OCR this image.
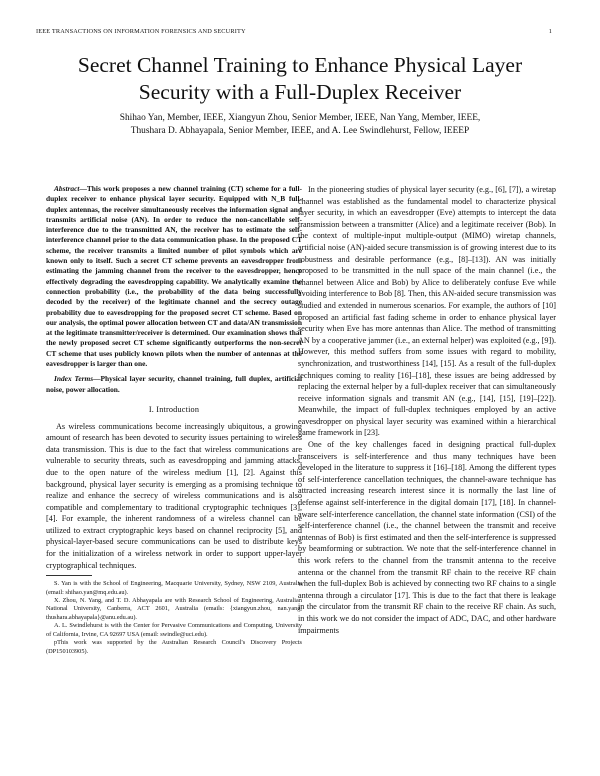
IEEE TRANSACTIONS ON INFORMATION FORENSICS AND SECURITY	1
Secret Channel Training to Enhance Physical Layer Security with a Full-Duplex Receiver
Shihao Yan, Member, IEEE, Xiangyun Zhou, Senior Member, IEEE, Nan Yang, Member, IEEE,
Thushara D. Abhayapala, Senior Member, IEEE, and A. Lee Swindlehurst, Fellow, IEEEP

Abstract—This work proposes a new channel training (CT) scheme for a full-duplex receiver to enhance physical layer security. Equipped with N_B full-duplex antennas, the receiver simultaneously receives the information signal and transmits artificial noise (AN). In order to reduce the non-cancellable self-interference due to the transmitted AN, the receiver has to estimate the self-interference channel prior to the data communication phase. In the proposed CT scheme, the receiver transmits a limited number of pilot symbols which are known only to itself. Such a secret CT scheme prevents an eavesdropper from estimating the jamming channel from the receiver to the eavesdropper, hence effectively degrading the eavesdropping capability. We analytically examine the connection probability (i.e., the probability of the data being successfully decoded by the receiver) of the legitimate channel and the secrecy outage probability due to eavesdropping for the proposed secret CT scheme. Based on our analysis, the optimal power allocation between CT and data/AN transmission at the legitimate transmitter/receiver is determined. Our examination shows that the newly proposed secret CT scheme significantly outperforms the non-secret CT scheme that uses publicly known pilots when the number of antennas at the eavesdropper is larger than one.

Index Terms—Physical layer security, channel training, full duplex, artificial noise, power allocation.

I. Introduction

As wireless communications become increasingly ubiquitous, a growing amount of research has been devoted to security issues pertaining to wireless data transmission. This is due to the fact that wireless communications are vulnerable to security threats, such as eavesdropping and jamming attacks, due to the open nature of the wireless medium [1], [2]. Against this background, physical layer security is emerging as a promising technique to realize and enhance the secrecy of wireless communications and is also compatible and complementary to traditional cryptographic techniques [3], [4]. For example, the inherent randomness of a wireless channel can be utilized to extract cryptographic keys based on channel reciprocity [5], and physical-layer-based secure communications can be used to distribute keys for the initialization of a wireless network in order to support upper-layer cryptographical techniques.

S. Yan is with the School of Engineering, Macquarie University, Sydney, NSW 2109, Australia (email: shihao.yan@mq.edu.au).

X. Zhou, N. Yang, and T. D. Abhayapala are with Research School of Engineering, Australian National University, Canberra, ACT 2601, Australia (emails: {xiangyun.zhou, nan.yang, thushara.abhayapala}@anu.edu.au).

A. L. Swindlehurst is with the Center for Pervasive Communications and Computing, University of California, Irvine, CA 92697 USA (email: swindle@uci.edu).

pThis work was supported by the Australian Research Council's Discovery Projects (DP150103905).

In the pioneering studies of physical layer security (e.g., [6], [7]), a wiretap channel was established as the fundamental model to characterize physical layer security, in which an eavesdropper (Eve) attempts to intercept the data transmission between a transmitter (Alice) and a legitimate receiver (Bob). In the context of multiple-input multiple-output (MIMO) wiretap channels, artificial noise (AN)-aided secure transmission is of growing interest due to its robustness and desirable performance (e.g., [8]–[13]). AN was initially proposed to be transmitted in the null space of the main channel (i.e., the channel between Alice and Bob) by Alice to deliberately confuse Eve while avoiding interference to Bob [8]. Then, this AN-aided secure transmission was studied and extended in numerous scenarios. For example, the authors of [10] proposed an artificial fast fading scheme in order to enhance physical layer security when Eve has more antennas than Alice. The method of transmitting AN by a cooperative jammer (i.e., an external helper) was exploited (e.g., [9]). However, this method suffers from some issues with regard to mobility, synchronization, and trustworthiness [14], [15]. As a result of the full-duplex techniques coming to reality [16]–[18], these issues are being addressed by replacing the external helper by a full-duplex receiver that can simultaneously receive information signals and transmit AN (e.g., [14], [15], [19]–[22]). Meanwhile, the impact of full-duplex techniques employed by an active eavesdropper on physical layer security was examined within a hierarchical game framework in [23].

One of the key challenges faced in designing practical full-duplex transceivers is self-interference and thus many techniques have been developed in the literature to suppress it [16]–[18]. Among the different types of self-interference cancellation techniques, the channel-aware technique has attracted increasing research interest since it is normally the last line of defense against self-interference in the digital domain [17], [18]. In channel-aware self-interference cancellation, the channel state information (CSI) of the self-interference channel (i.e., the channel between the transmit and receive antennas of Bob) is first estimated and then the self-interference is suppressed by beamforming or subtraction. We note that the self-interference channel in this work refers to the channel from the transmit antenna to the receive antenna or the channel from the transmit RF chain to the receive RF chain when the full-duplex Bob is achieved by connecting two RF chains to a single antenna through a circulator [17]. This is due to the fact that there is leakage in the circulator from the transmit RF chain to the receive RF chain. As such, in this work we do not consider the impact of ADC, DAC, and other hardware impairments
